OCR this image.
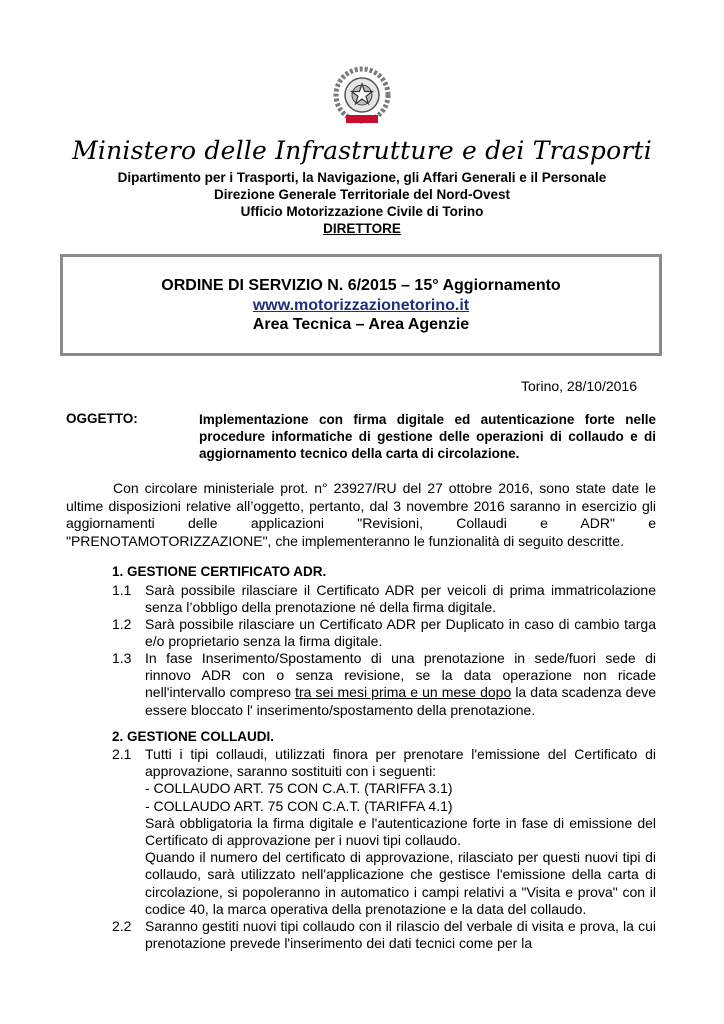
Ministero delle Infrastrutture e dei Trasporti
Dipartimento per i Trasporti, la Navigazione, gli Affari Generali e il Personale
Direzione Generale Territoriale del Nord-Ovest
Ufficio Motorizzazione Civile di Torino
DIRETTORE
ORDINE DI SERVIZIO N. 6/2015 – 15° Aggiornamento
www.motorizzazionetorino.it
Area Tecnica – Area Agenzie
Torino, 28/10/2016
OGGETTO:	Implementazione con firma digitale ed autenticazione forte nelle procedure informatiche di gestione delle operazioni di collaudo e di aggiornamento tecnico della carta di circolazione.
Con circolare ministeriale prot. n° 23927/RU del 27 ottobre 2016, sono state date le ultime disposizioni relative all’oggetto, pertanto, dal 3 novembre 2016 saranno in esercizio gli aggiornamenti delle applicazioni "Revisioni, Collaudi e ADR" e "PRENOTAMOTORIZZAZIONE", che implementeranno le funzionalità di seguito descritte.
1. GESTIONE CERTIFICATO ADR.
1.1 Sarà possibile rilasciare il Certificato ADR per veicoli di prima immatricolazione senza l’obbligo della prenotazione né della firma digitale.
1.2 Sarà possibile rilasciare un Certificato ADR per Duplicato in caso di cambio targa e/o proprietario senza la firma digitale.
1.3 In fase Inserimento/Spostamento di una prenotazione in sede/fuori sede di rinnovo ADR con o senza revisione, se la data operazione non ricade nell'intervallo compreso tra sei mesi prima e un mese dopo la data scadenza deve essere bloccato l' inserimento/spostamento della prenotazione.
2. GESTIONE COLLAUDI.
2.1 Tutti i tipi collaudi, utilizzati finora per prenotare l'emissione del Certificato di approvazione, saranno sostituiti con i seguenti:

- COLLAUDO ART. 75 CON C.A.T. (TARIFFA 3.1)

- COLLAUDO ART. 75 CON C.A.T. (TARIFFA 4.1)

Sarà obbligatoria la firma digitale e l'autenticazione forte in fase di emissione del Certificato di approvazione per i nuovi tipi collaudo.

Quando il numero del certificato di approvazione, rilasciato per questi nuovi tipi di collaudo, sarà utilizzato nell'applicazione che gestisce l'emissione della carta di circolazione, si popoleranno in automatico i campi relativi a "Visita e prova" con il codice 40, la marca operativa della prenotazione e la data del collaudo.

2.2 Saranno gestiti nuovi tipi collaudo con il rilascio del verbale di visita e prova, la cui prenotazione prevede l'inserimento dei dati tecnici come per la
